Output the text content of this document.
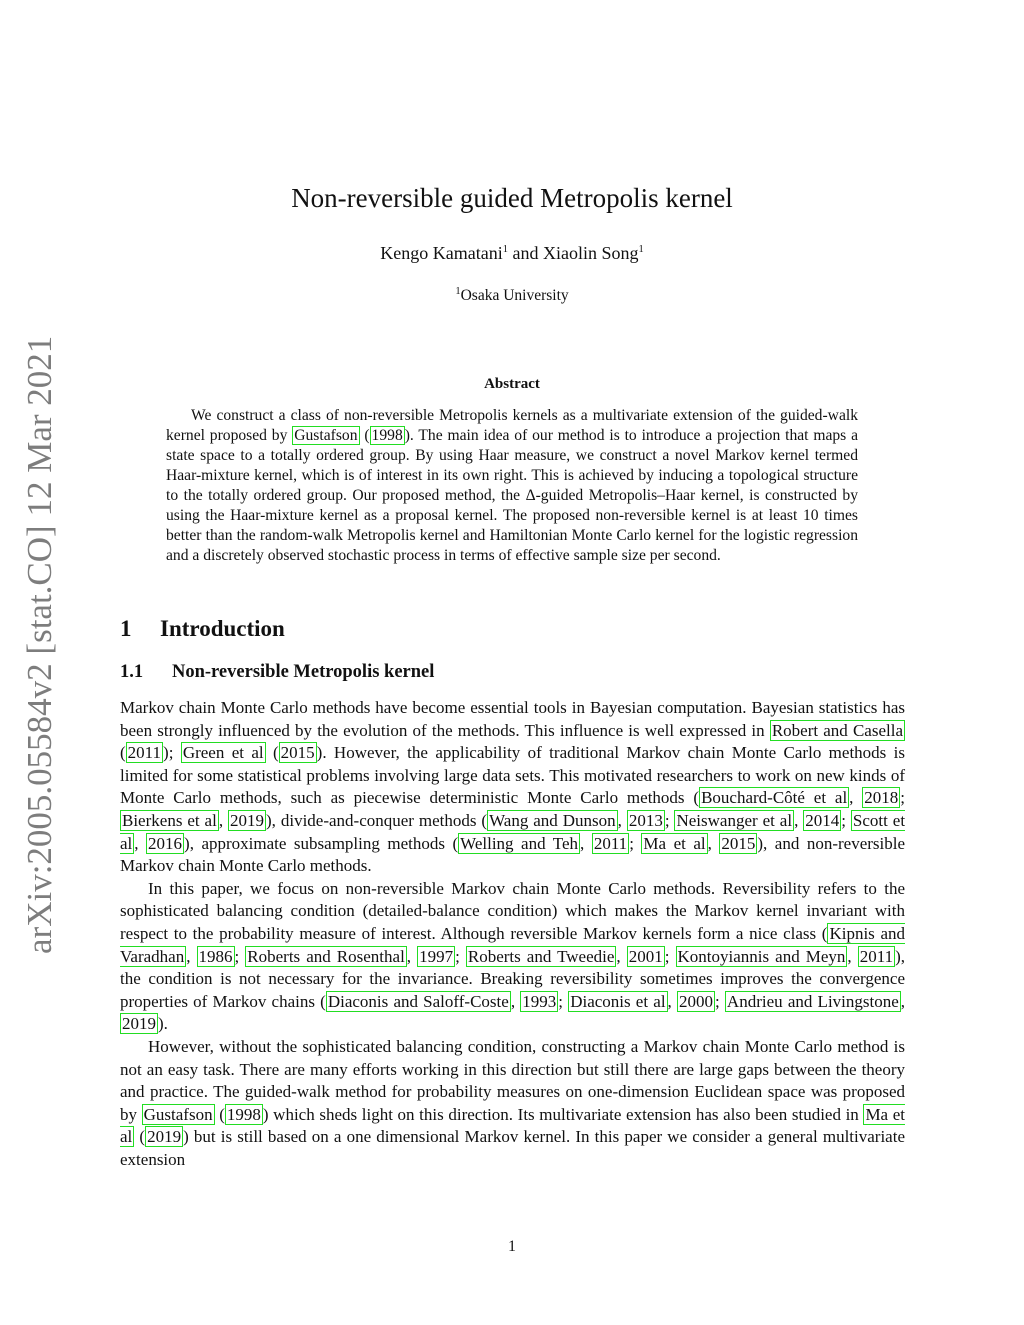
arXiv:2005.05584v2 [stat.CO] 12 Mar 2021
Non-reversible guided Metropolis kernel
Kengo Kamatani$^1$ and Xiaolin Song$^1$
$^1$Osaka University
Abstract

We construct a class of non-reversible Metropolis kernels as a multivariate extension of the guided-walk kernel proposed by Gustafson ( 1998 ). The main idea of our method is to introduce a projection that maps a state space to a totally ordered group. By using Haar measure, we construct a novel Markov kernel termed Haar-mixture kernel, which is of interest in its own right. This is achieved by inducing a topological structure to the totally ordered group. Our proposed method, the Δ-guided Metropolis–Haar kernel, is constructed by using the Haar-mixture kernel as a proposal kernel. The proposed non-reversible kernel is at least 10 times better than the random-walk Metropolis kernel and Hamiltonian Monte Carlo kernel for the logistic regression and a discretely observed stochastic process in terms of effective sample size per second.

1 Introduction
1.1 Non-reversible Metropolis kernel

Markov chain Monte Carlo methods have become essential tools in Bayesian computation. Bayesian statistics has been strongly influenced by the evolution of the methods. This influence is well expressed in Robert and Casella ( 2011 ); Green et al ( 2015 ). However, the applicability of traditional Markov chain Monte Carlo methods is limited for some statistical problems involving large data sets. This motivated researchers to work on new kinds of Monte Carlo methods, such as piecewise deterministic Monte Carlo methods ( Bouchard-Côté et al , 2018 ; Bierkens et al , 2019 ), divide-and-conquer methods ( Wang and Dunson , 2013 ; Neiswanger et al , 2014 ; Scott et al , 2016 ), approximate subsampling methods ( Welling and Teh , 2011 ; Ma et al , 2015 ), and non-reversible Markov chain Monte Carlo methods.

In this paper, we focus on non-reversible Markov chain Monte Carlo methods. Reversibility refers to the sophisticated balancing condition (detailed-balance condition) which makes the Markov kernel invariant with respect to the probability measure of interest. Although reversible Markov kernels form a nice class ( Kipnis and Varadhan , 1986 ; Roberts and Rosenthal , 1997 ; Roberts and Tweedie , 2001 ; Kontoyiannis and Meyn , 2011 ), the condition is not necessary for the invariance. Breaking reversibility sometimes improves the convergence properties of Markov chains ( Diaconis and Saloff-Coste , 1993 ; Diaconis et al , 2000 ; Andrieu and Livingstone , 2019 ).

However, without the sophisticated balancing condition, constructing a Markov chain Monte Carlo method is not an easy task. There are many efforts working in this direction but still there are large gaps between the theory and practice. The guided-walk method for probability measures on one-dimension Euclidean space was proposed by Gustafson ( 1998 ) which sheds light on this direction. Its multivariate extension has also been studied in Ma et al ( 2019 ) but is still based on a one dimensional Markov kernel. In this paper we consider a general multivariate extension

1
